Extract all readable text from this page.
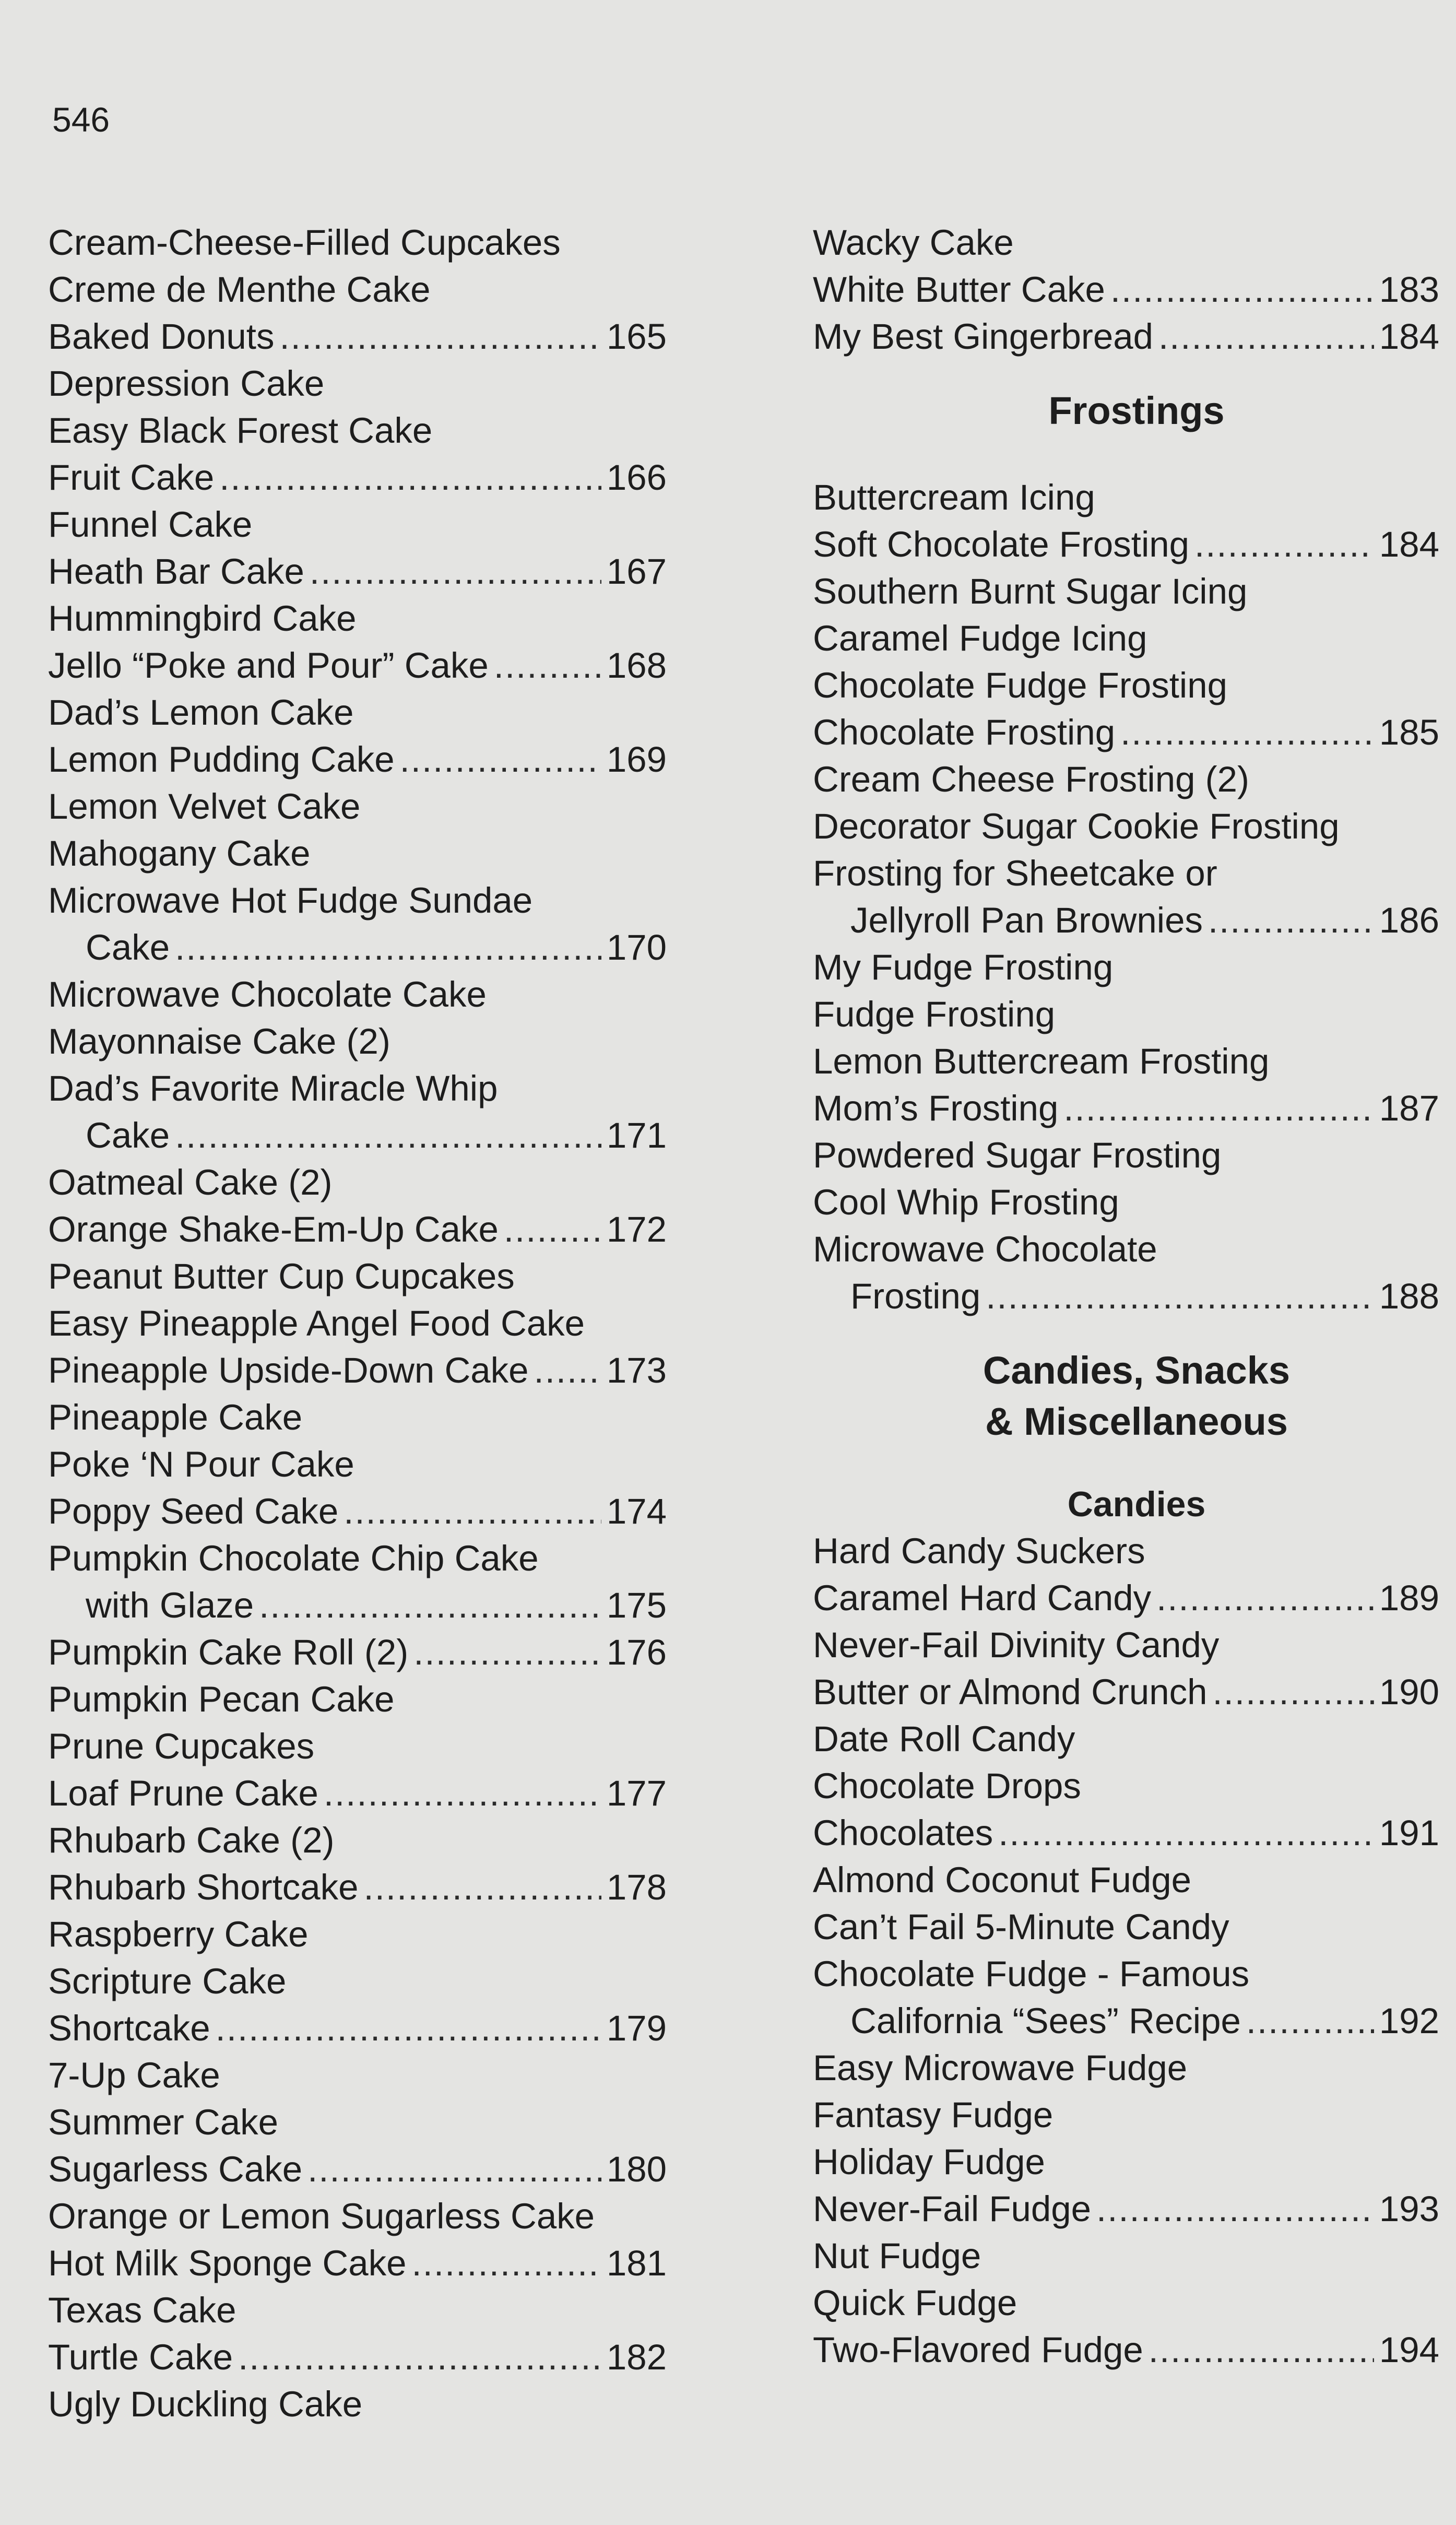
546
Cream-Cheese-Filled Cupcakes
Creme de Menthe Cake
Baked Donuts .....	165
Depression Cake
Easy Black Forest Cake
Fruit Cake .....	166
Funnel Cake
Heath Bar Cake .....	167
Hummingbird Cake
Jello “Poke and Pour” Cake .....	168
Dad’s Lemon Cake
Lemon Pudding Cake .....	169
Lemon Velvet Cake
Mahogany Cake
Microwave Hot Fudge Sundae
Cake .....	170
Microwave Chocolate Cake
Mayonnaise Cake (2)
Dad’s Favorite Miracle Whip
Cake .....	171
Oatmeal Cake (2)
Orange Shake-Em-Up Cake .....	172
Peanut Butter Cup Cupcakes
Easy Pineapple Angel Food Cake
Pineapple Upside-Down Cake ..... 173
Pineapple Cake
Poke ‘N Pour Cake
Poppy Seed Cake .....	174
Pumpkin Chocolate Chip Cake
with Glaze .....	175
Pumpkin Cake Roll (2) .....	176
Pumpkin Pecan Cake
Prune Cupcakes
Loaf Prune Cake .....	177
Rhubarb Cake (2)
Rhubarb Shortcake .....	178
Raspberry Cake
Scripture Cake
Shortcake .....	179
7-Up Cake
Summer Cake
Sugarless Cake .....	180
Orange or Lemon Sugarless Cake
Hot Milk Sponge Cake .....	181
Texas Cake
Turtle Cake .....	182
Ugly Duckling Cake
Wacky Cake
White Butter Cake .....	183
My Best Gingerbread .....	184
Frostings
Buttercream Icing
Soft Chocolate Frosting .....	184
Southern Burnt Sugar Icing
Caramel Fudge Icing
Chocolate Fudge Frosting
Chocolate Frosting .....	185
Cream Cheese Frosting (2)
Decorator Sugar Cookie Frosting
Frosting for Sheetcake or
Jellyroll Pan Brownies .....	186
My Fudge Frosting
Fudge Frosting
Lemon Buttercream Frosting
Mom’s Frosting .....	187
Powdered Sugar Frosting
Cool Whip Frosting
Microwave Chocolate
Frosting .....	188
Candies, Snacks
& Miscellaneous
Candies
Hard Candy Suckers
Caramel Hard Candy .....	189
Never-Fail Divinity Candy
Butter or Almond Crunch .....	190
Date Roll Candy
Chocolate Drops
Chocolates .....	191
Almond Coconut Fudge
Can’t Fail 5-Minute Candy
Chocolate Fudge - Famous
California “Sees” Recipe .....	192
Easy Microwave Fudge
Fantasy Fudge
Holiday Fudge
Never-Fail Fudge .....	193
Nut Fudge
Quick Fudge
Two-Flavored Fudge .....	194
